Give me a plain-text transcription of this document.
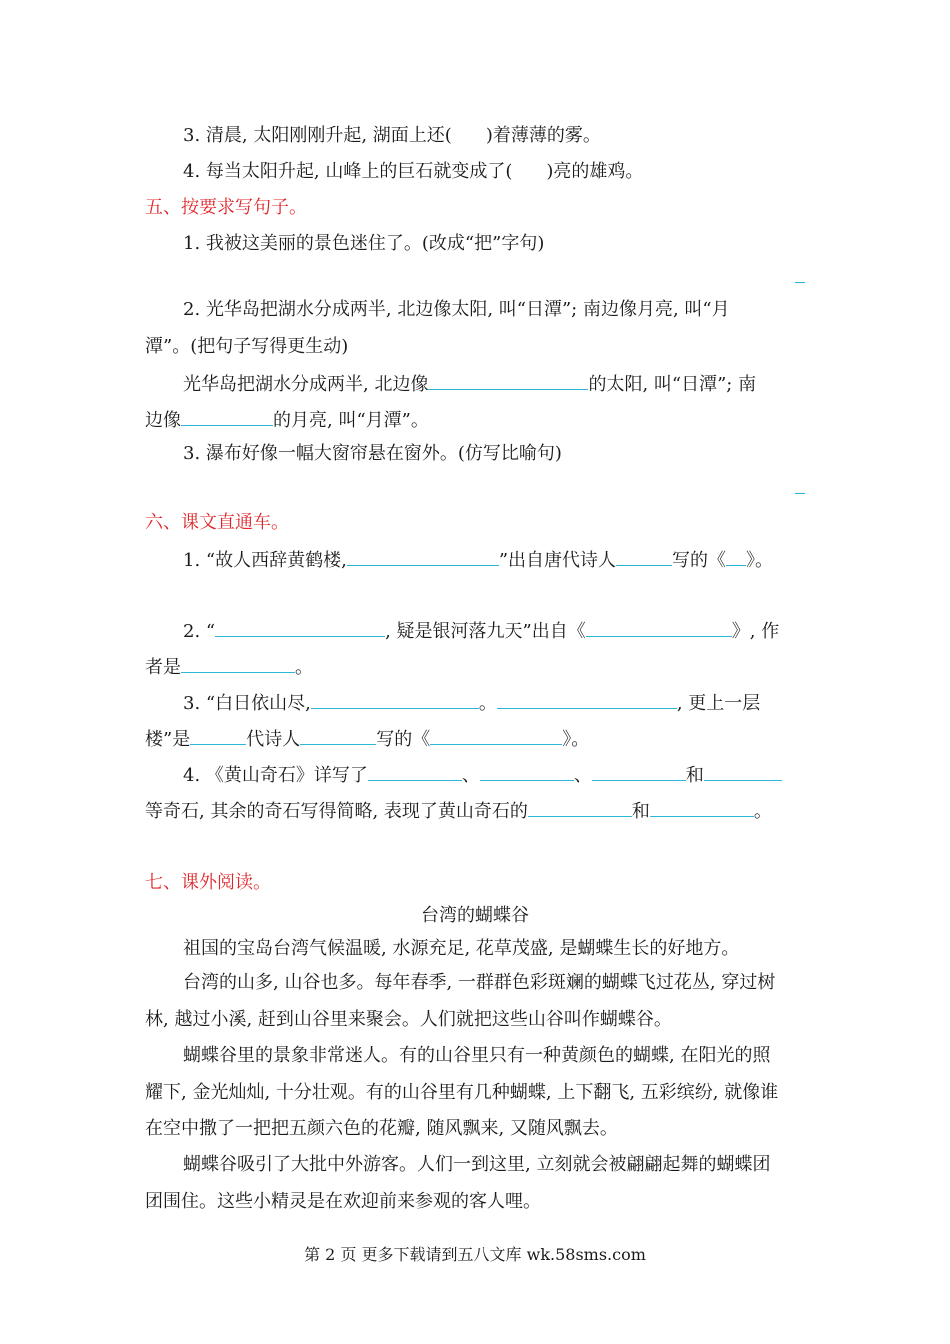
3. 清晨, 太阳刚刚升起, 湖面上还( )着薄薄的雾。
4. 每当太阳升起, 山峰上的巨石就变成了( )亮的雄鸡。
五、按要求写句子。
1. 我被这美丽的景色迷住了。(改成“把”字句)
2. 光华岛把湖水分成两半, 北边像太阳, 叫“日潭”; 南边像月亮, 叫“月
潭”。(把句子写得更生动)
光华岛把湖水分成两半, 北边像	的太阳, 叫“日潭”; 南
边像	的月亮, 叫“月潭”。
3. 瀑布好像一幅大窗帘悬在窗外。(仿写比喻句)
六、课文直通车。
1. “故人西辞黄鹤楼,	”出自唐代诗人	写的《 》。
2. “	, 疑是银河落九天”出自《	》, 作
者是	。
3. “白日依山尽,	。	, 更上一层
楼”是	代诗人	写的《	》。
4. 《黄山奇石》详写了	、	、	和
等奇石, 其余的奇石写得简略, 表现了黄山奇石的	和	。
七、课外阅读。
台湾的蝴蝶谷
祖国的宝岛台湾气候温暖, 水源充足, 花草茂盛, 是蝴蝶生长的好地方。
台湾的山多, 山谷也多。每年春季, 一群群色彩斑斓的蝴蝶飞过花丛, 穿过树
林, 越过小溪, 赶到山谷里来聚会。人们就把这些山谷叫作蝴蝶谷。
蝴蝶谷里的景象非常迷人。有的山谷里只有一种黄颜色的蝴蝶, 在阳光的照
耀下, 金光灿灿, 十分壮观。有的山谷里有几种蝴蝶, 上下翻飞, 五彩缤纷, 就像谁
在空中撒了一把把五颜六色的花瓣, 随风飘来, 又随风飘去。
蝴蝶谷吸引了大批中外游客。人们一到这里, 立刻就会被翩翩起舞的蝴蝶团
团围住。这些小精灵是在欢迎前来参观的客人哩。
第 2 页 更多下载请到五八文库 wk.58sms.com
